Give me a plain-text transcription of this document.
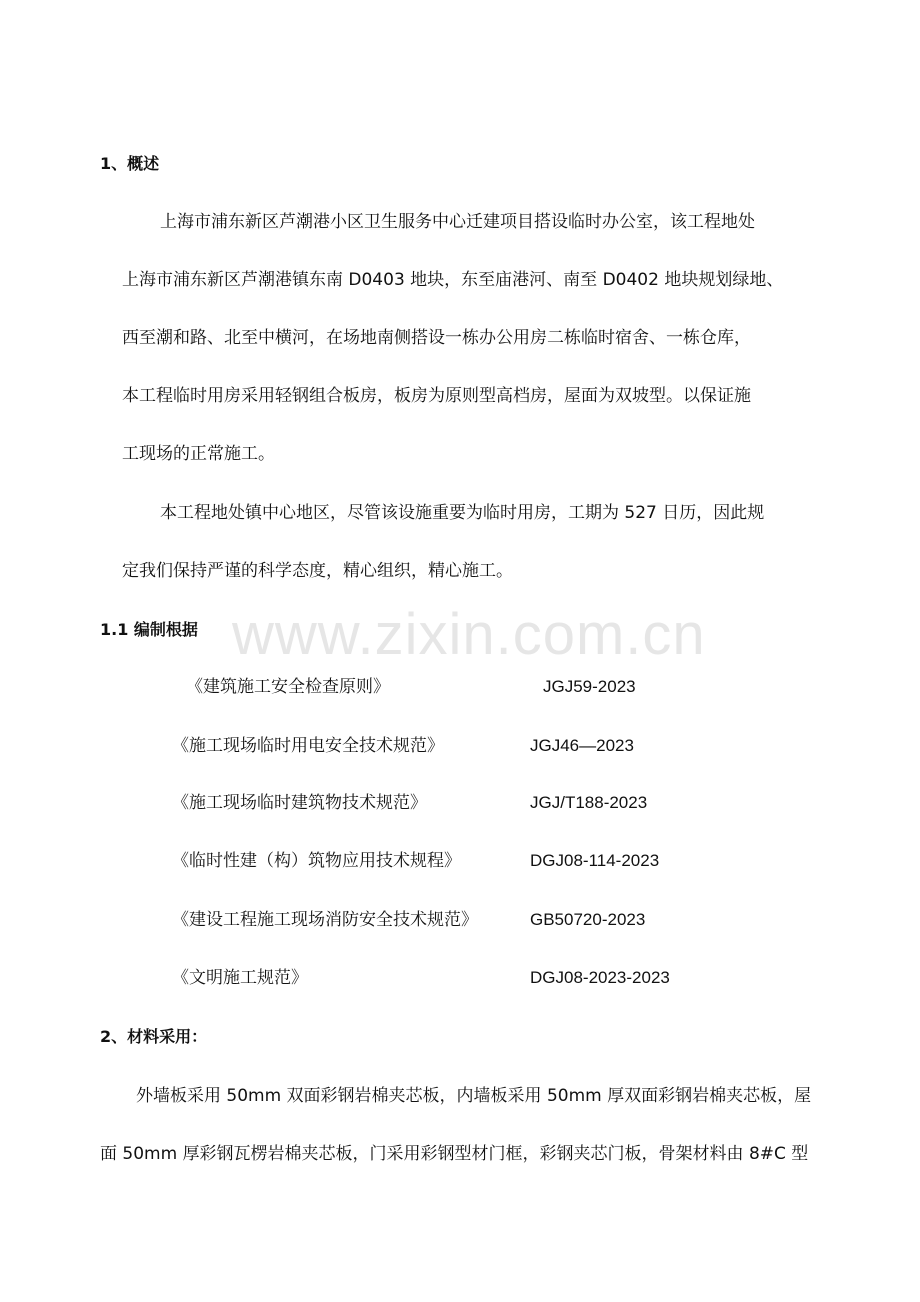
www.zixin.com.cn
1、概述
上海市浦东新区芦潮港小区卫生服务中心迁建项目搭设临时办公室，该工程地处
上海市浦东新区芦潮港镇东南 D0403 地块，东至庙港河、南至 D0402 地块规划绿地、
西至潮和路、北至中横河，在场地南侧搭设一栋办公用房二栋临时宿舍、一栋仓库，
本工程临时用房采用轻钢组合板房，板房为原则型高档房，屋面为双坡型。以保证施
工现场的正常施工。
本工程地处镇中心地区，尽管该设施重要为临时用房，工期为 527 日历，因此规
定我们保持严谨的科学态度，精心组织，精心施工。
1.1 编制根据
《建筑施工安全检查原则》	JGJ59-2023
《施工现场临时用电安全技术规范》	JGJ46—2023
《施工现场临时建筑物技术规范》	JGJ/T188-2023
《临时性建（构）筑物应用技术规程》	DGJ08-114-2023
《建设工程施工现场消防安全技术规范》	GB50720-2023
《文明施工规范》	DGJ08-2023-2023
2、材料采用：
外墙板采用 50mm 双面彩钢岩棉夹芯板，内墙板采用 50mm 厚双面彩钢岩棉夹芯板，屋
面 50mm 厚彩钢瓦楞岩棉夹芯板，门采用彩钢型材门框，彩钢夹芯门板，骨架材料由 8#C 型
